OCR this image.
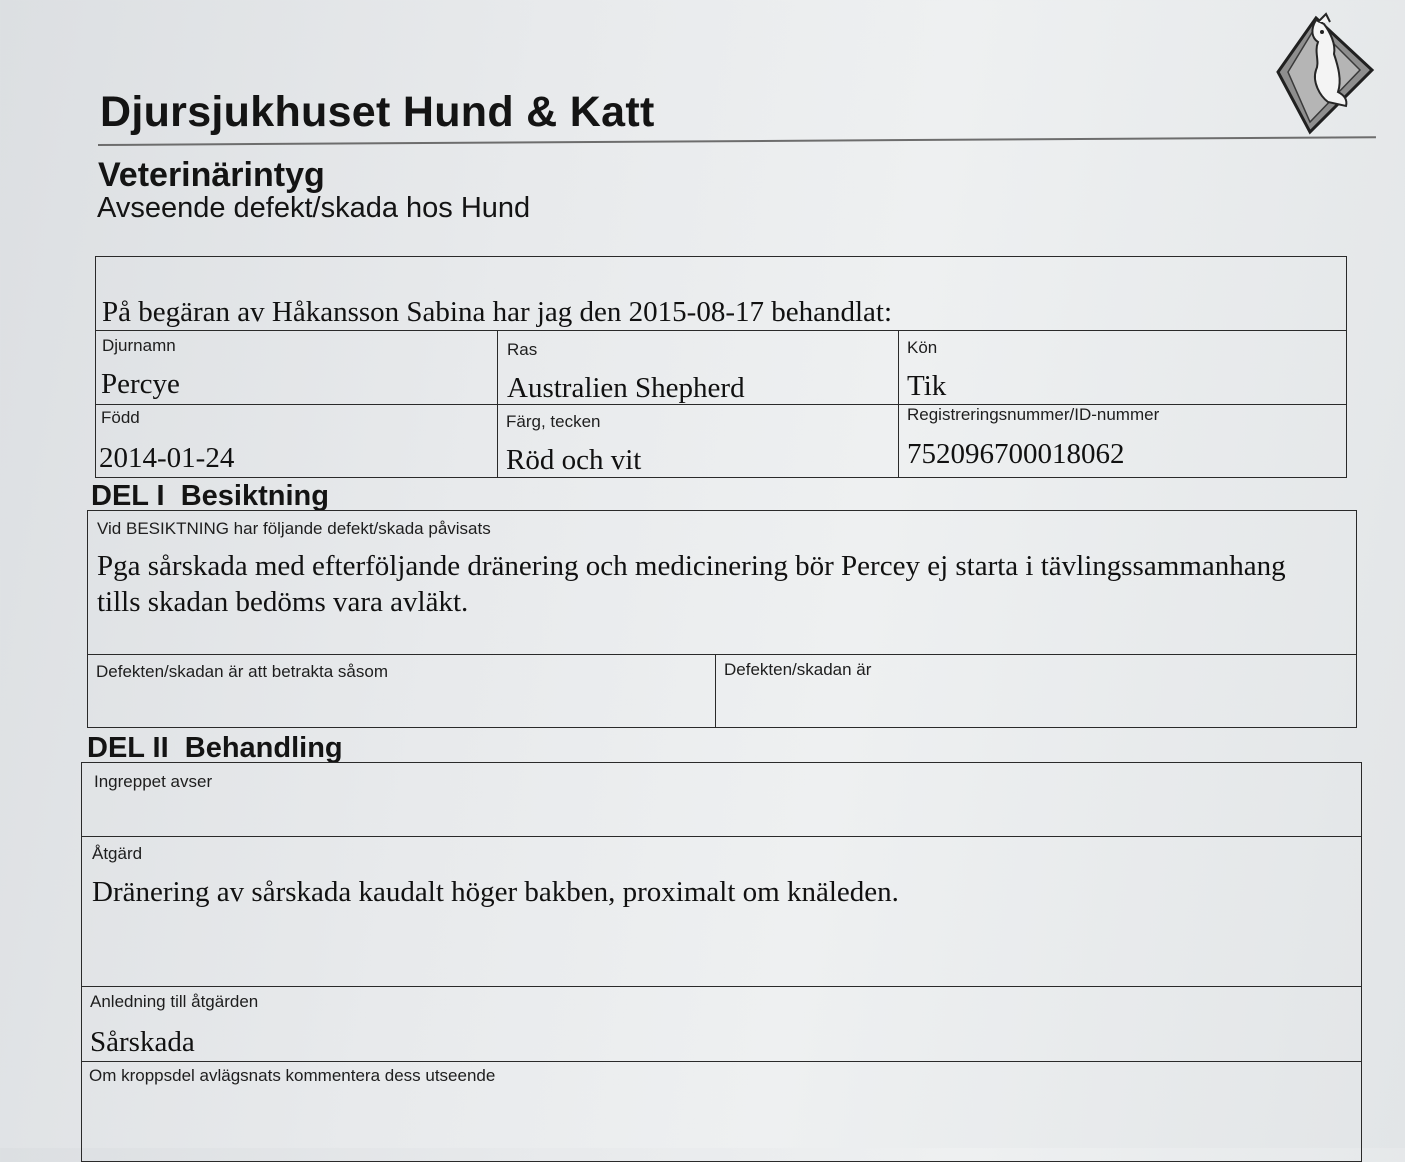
Djursjukhuset Hund & Katt
Veterinärintyg

Avseende defekt/skada hos Hund

På begäran av Håkansson Sabina har jag den 2015-08-17 behandlat:
Djurnamn
Percye
Ras
Australien Shepherd
Kön
Tik
Född
2014-01-24
Färg, tecken
Röd och vit
Registreringsnummer/ID-nummer
752096700018062
DEL I  Besiktning
Vid BESIKTNING har följande defekt/skada påvisats
Pga sårskada med efterföljande dränering och medicinering bör Percey ej starta i tävlingssammanhang
tills skadan bedöms vara avläkt.
Defekten/skadan är att betrakta såsom	Defekten/skadan är
DEL II  Behandling
Ingreppet avser
Åtgärd
Dränering av sårskada kaudalt höger bakben, proximalt om knäleden.
Anledning till åtgärden
Sårskada
Om kroppsdel avlägsnats kommentera dess utseende
